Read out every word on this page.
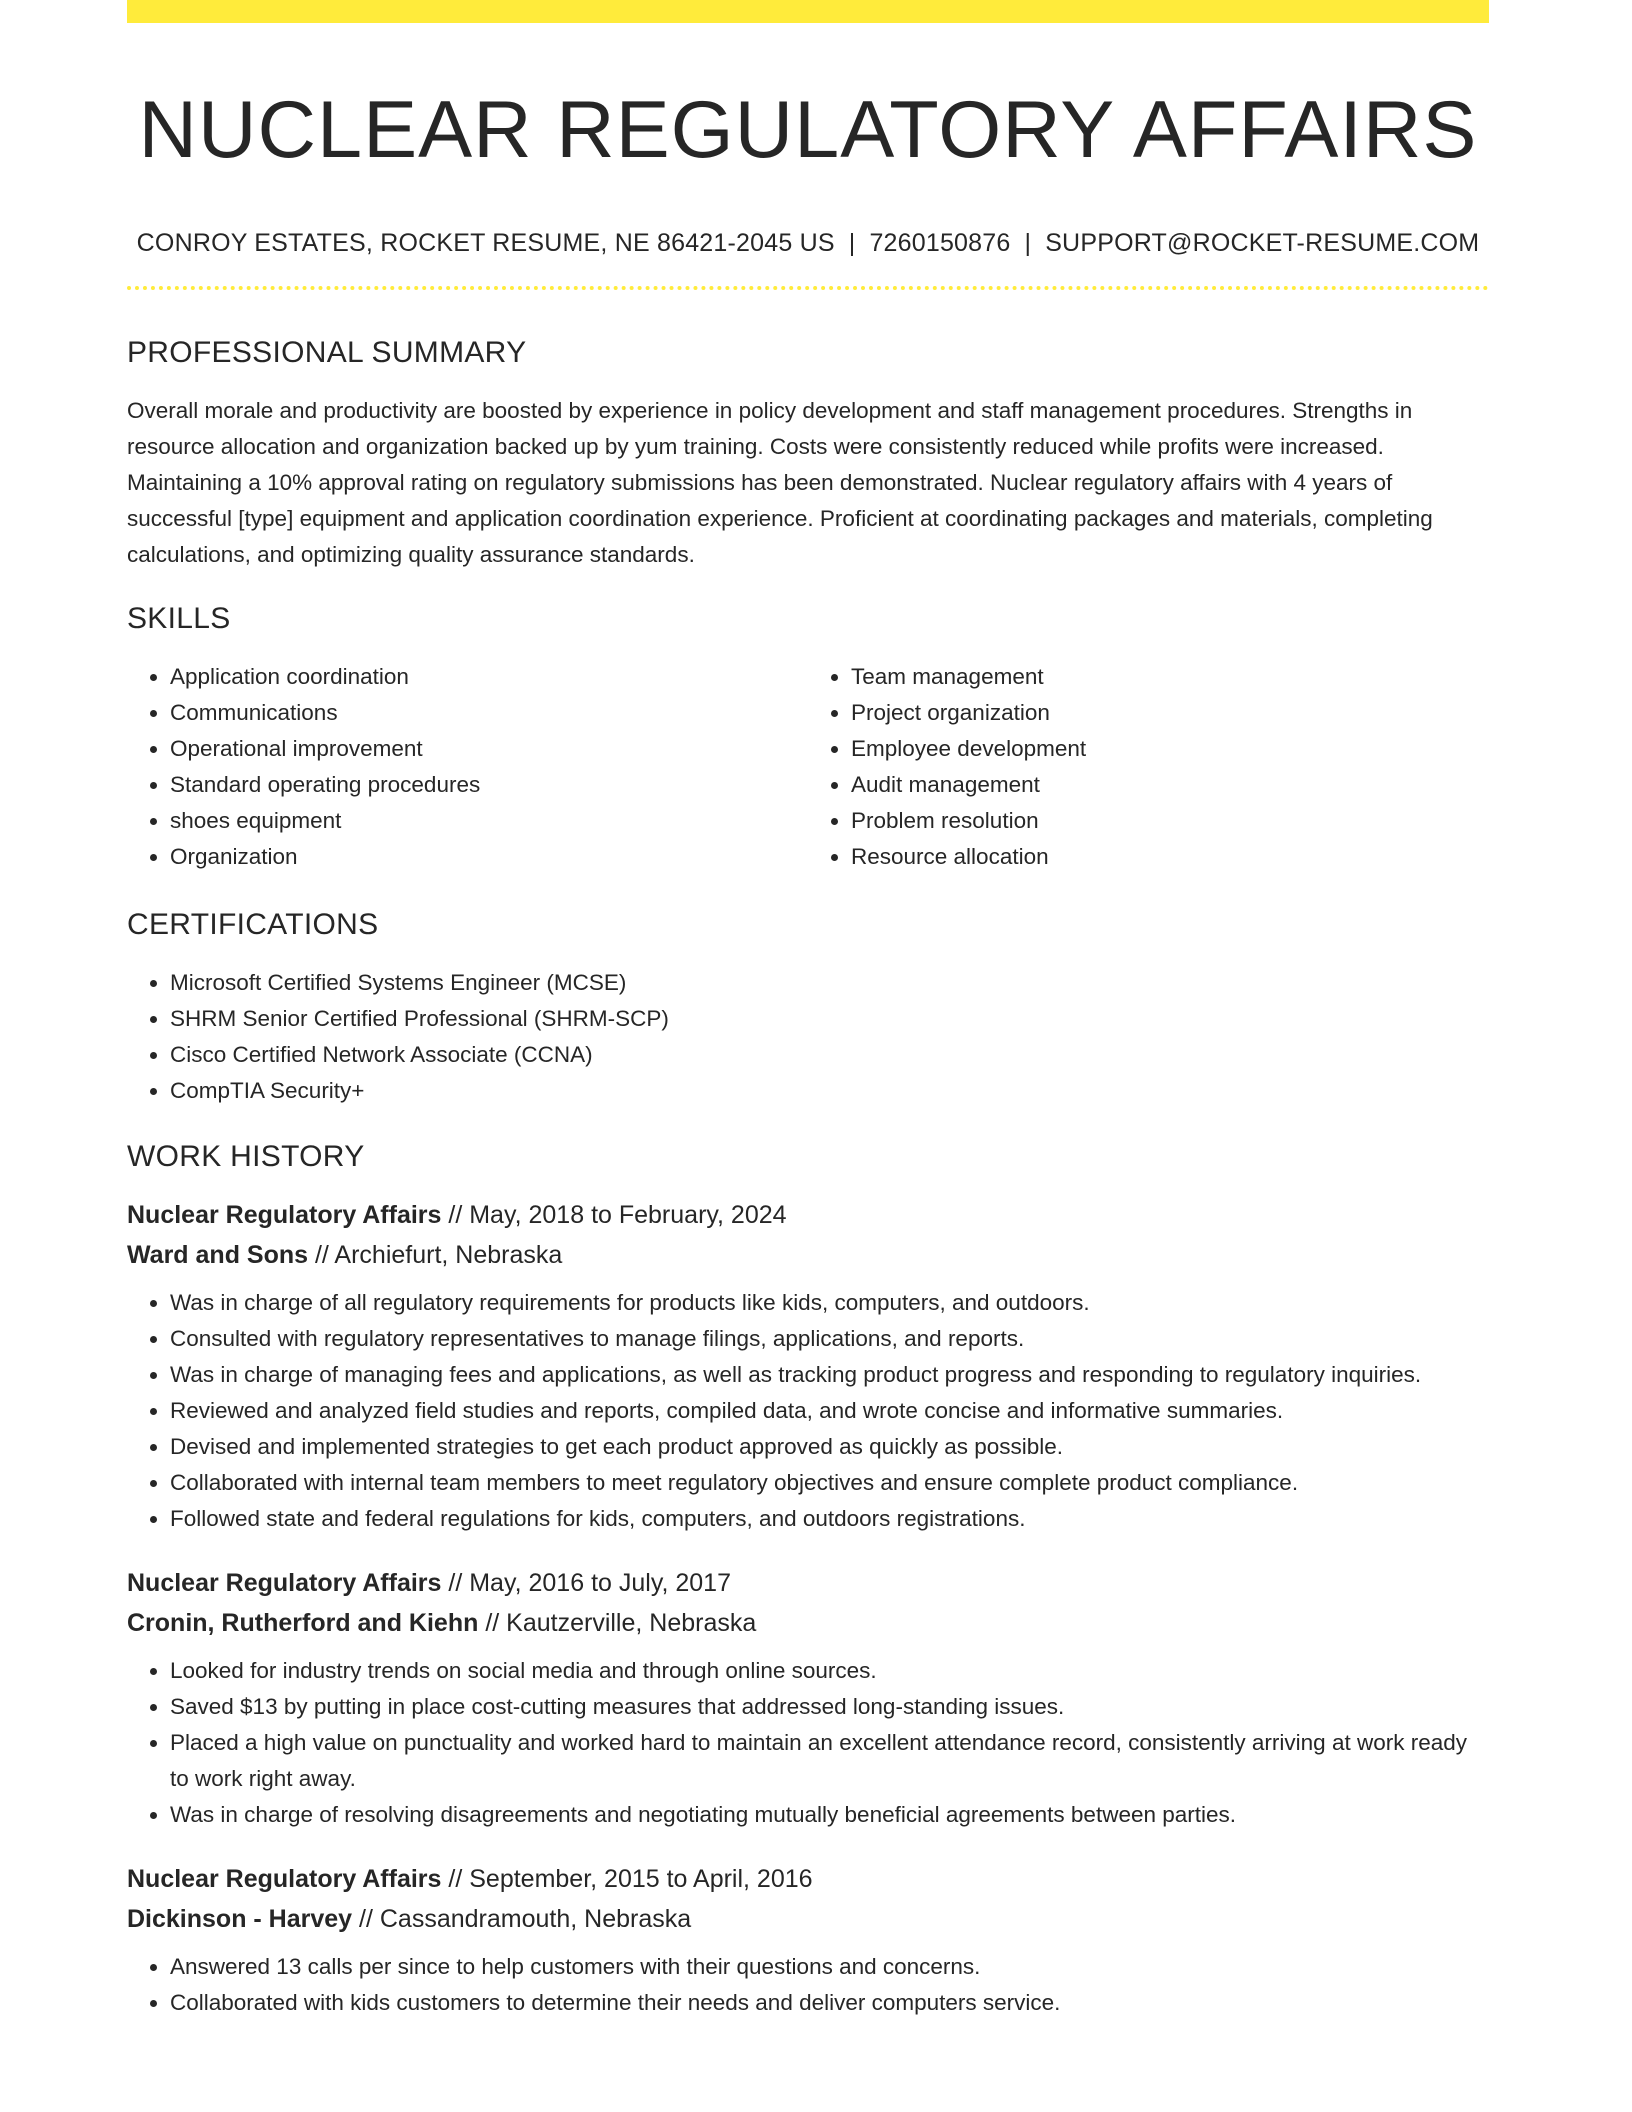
NUCLEAR REGULATORY AFFAIRS
CONROY ESTATES, ROCKET RESUME, NE 86421-2045 US | 7260150876 | SUPPORT@ROCKET-RESUME.COM
PROFESSIONAL SUMMARY
Overall morale and productivity are boosted by experience in policy development and staff management procedures. Strengths in resource allocation and organization backed up by yum training. Costs were consistently reduced while profits were increased. Maintaining a 10% approval rating on regulatory submissions has been demonstrated. Nuclear regulatory affairs with 4 years of successful [type] equipment and application coordination experience. Proficient at coordinating packages and materials, completing calculations, and optimizing quality assurance standards.
SKILLS
• Application coordination
• Communications
• Operational improvement
• Standard operating procedures
• shoes equipment
• Organization
• Team management
• Project organization
• Employee development
• Audit management
• Problem resolution
• Resource allocation
CERTIFICATIONS
• Microsoft Certified Systems Engineer (MCSE)
• SHRM Senior Certified Professional (SHRM-SCP)
• Cisco Certified Network Associate (CCNA)
• CompTIA Security+
WORK HISTORY
Nuclear Regulatory Affairs // May, 2018 to February, 2024
Ward and Sons // Archiefurt, Nebraska
• Was in charge of all regulatory requirements for products like kids, computers, and outdoors.
• Consulted with regulatory representatives to manage filings, applications, and reports.
• Was in charge of managing fees and applications, as well as tracking product progress and responding to regulatory inquiries.
• Reviewed and analyzed field studies and reports, compiled data, and wrote concise and informative summaries.
• Devised and implemented strategies to get each product approved as quickly as possible.
• Collaborated with internal team members to meet regulatory objectives and ensure complete product compliance.
• Followed state and federal regulations for kids, computers, and outdoors registrations.
Nuclear Regulatory Affairs // May, 2016 to July, 2017
Cronin, Rutherford and Kiehn // Kautzerville, Nebraska
• Looked for industry trends on social media and through online sources.
• Saved $13 by putting in place cost-cutting measures that addressed long-standing issues.
• Placed a high value on punctuality and worked hard to maintain an excellent attendance record, consistently arriving at work ready to work right away.
• Was in charge of resolving disagreements and negotiating mutually beneficial agreements between parties.
Nuclear Regulatory Affairs // September, 2015 to April, 2016
Dickinson - Harvey // Cassandramouth, Nebraska
• Answered 13 calls per since to help customers with their questions and concerns.
• Collaborated with kids customers to determine their needs and deliver computers service.
